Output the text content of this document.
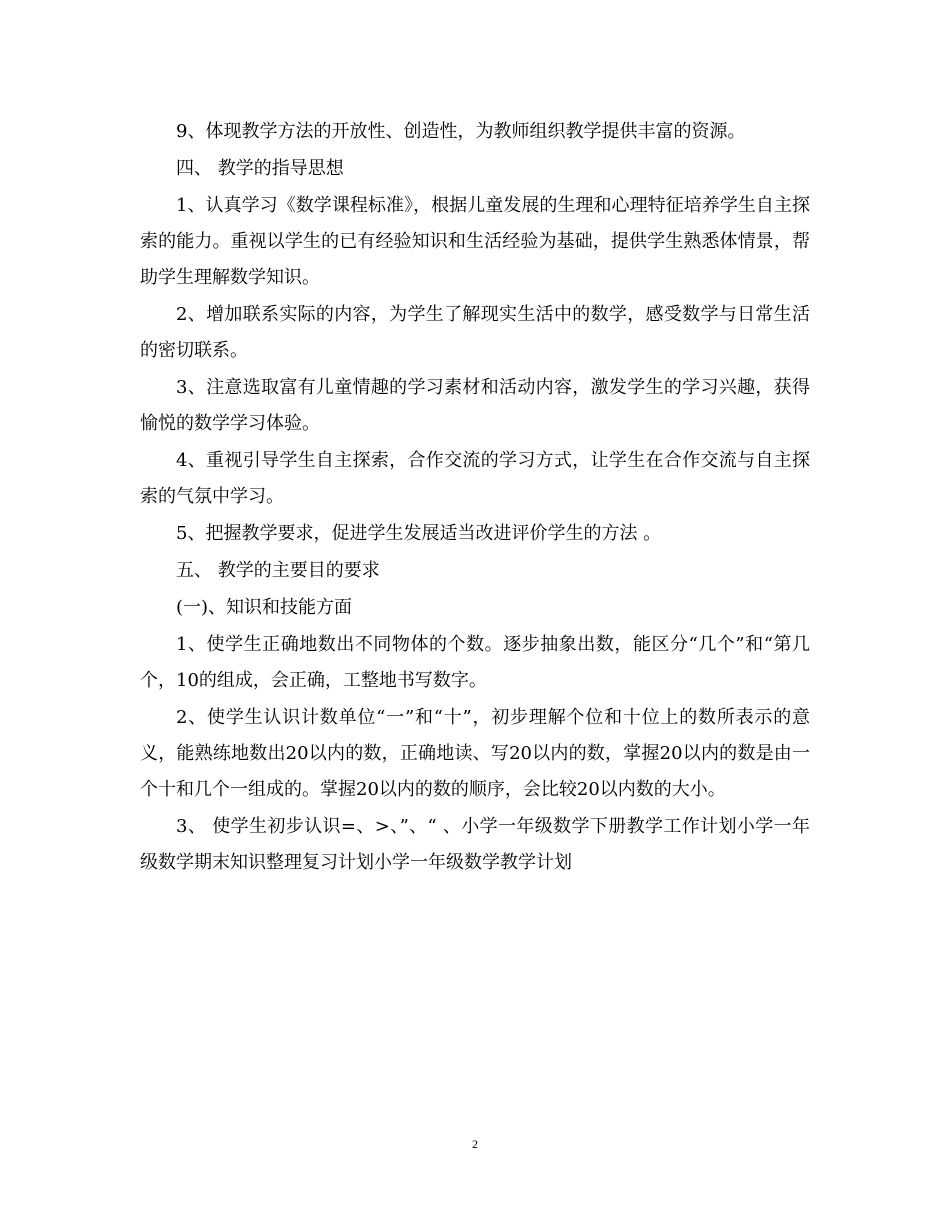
9、体现教学方法的开放性、创造性，为教师组织教学提供丰富的资源。

四、 教学的指导思想

1、认真学习《数学课程标准》，根据儿童发展的生理和心理特征培养学生自主探索的能力。重视以学生的已有经验知识和生活经验为基础，提供学生熟悉体情景，帮助学生理解数学知识。

2、增加联系实际的内容，为学生了解现实生活中的数学，感受数学与日常生活的密切联系。

3、注意选取富有儿童情趣的学习素材和活动内容，激发学生的学习兴趣，获得愉悦的数学学习体验。

4、重视引导学生自主探索，合作交流的学习方式，让学生在合作交流与自主探索的气氛中学习。

5、把握教学要求，促进学生发展适当改进评价学生的方法 。

五、 教学的主要目的要求

(一)、知识和技能方面

1、使学生正确地数出不同物体的个数。逐步抽象出数，能区分“几个”和“第几个，10的组成，会正确，工整地书写数字。

2、使学生认识计数单位“一”和“十”，初步理解个位和十位上的数所表示的意义，能熟练地数出20以内的数，正确地读、写20以内的数，掌握20以内的数是由一个十和几个一组成的。掌握20以内的数的顺序，会比较20以内数的大小。

3、 使学生初步认识=、>、”、“ 、小学一年级数学下册教学工作计划小学一年级数学期末知识整理复习计划小学一年级数学教学计划

2
